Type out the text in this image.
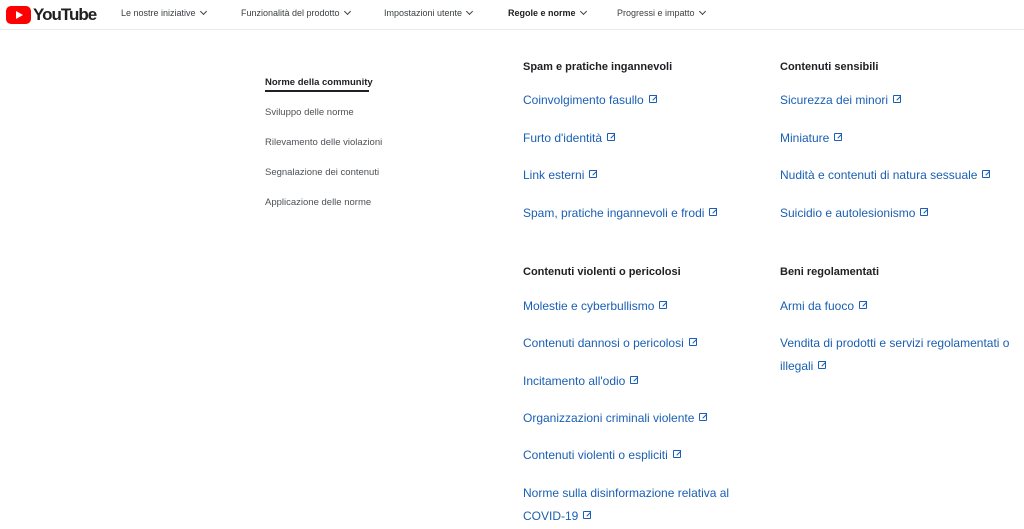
YouTube	Le nostre iniziative	Funzionalità del prodotto	Impostazioni utente	Regole e norme	Progressi e impatto
Norme della community
Sviluppo delle norme
Rilevamento delle violazioni
Segnalazione dei contenuti
Applicazione delle norme
Spam e pratiche ingannevoli
Coinvolgimento fasullo
Furto d'identità
Link esterni
Spam, pratiche ingannevoli e frodi
Contenuti sensibili
Sicurezza dei minori
Miniature
Nudità e contenuti di natura sessuale
Suicidio e autolesionismo
Contenuti violenti o pericolosi
Molestie e cyberbullismo
Contenuti dannosi o pericolosi
Incitamento all'odio
Organizzazioni criminali violente
Contenuti violenti o espliciti
Norme sulla disinformazione relativa al
COVID-19
Beni regolamentati
Armi da fuoco
Vendita di prodotti e servizi regolamentati o
illegali
